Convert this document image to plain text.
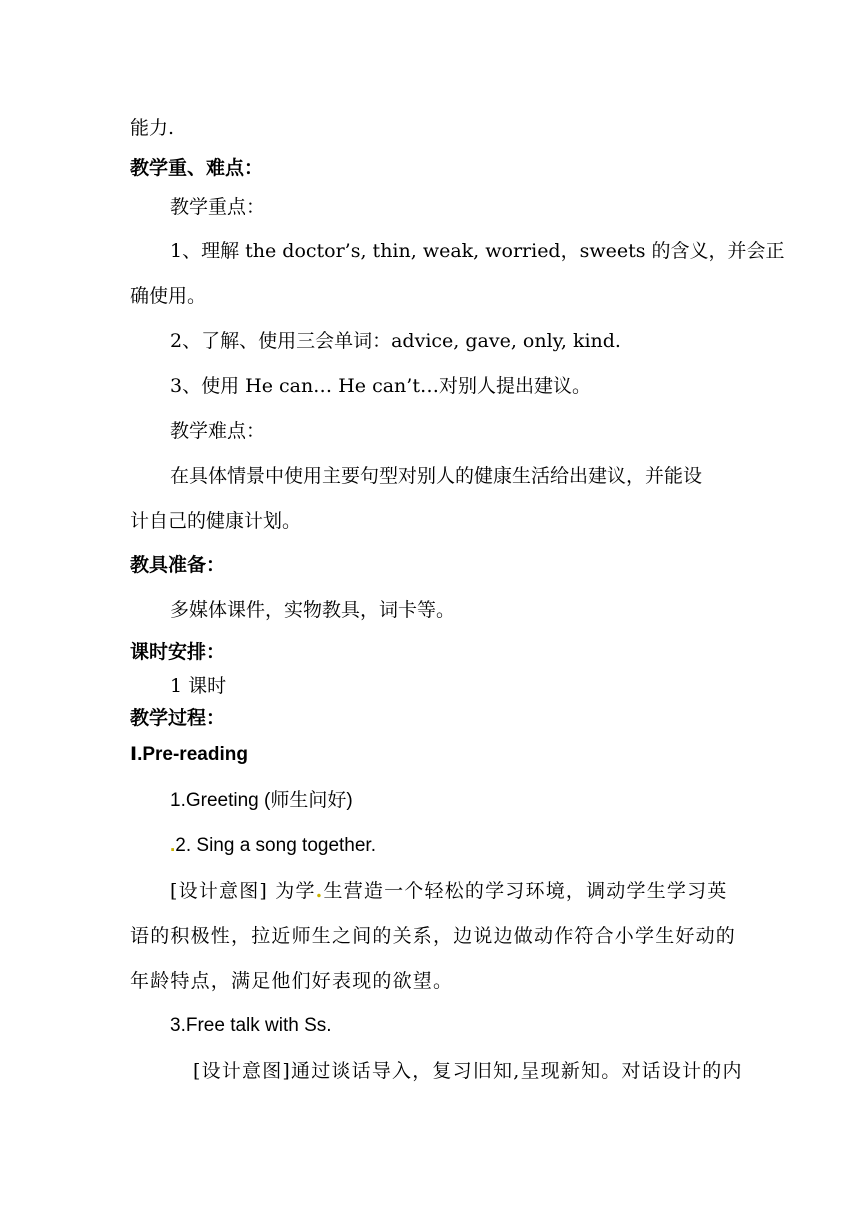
能力.
教学重、难点：
教学重点：
1、理解 the doctor’s, thin, weak, worried，sweets 的含义，并会正
确使用。
2、了解、使用三会单词：advice, gave, only, kind.
3、使用 He can… He can’t…对别人提出建议。
教学难点：
在具体情景中使用主要句型对别人的健康生活给出建议，并能设
计自己的健康计划。
教具准备：
多媒体课件，实物教具，词卡等。
课时安排：
1 课时
教学过程：
Ⅰ.Pre-reading
1.Greeting (师生问好)
.2. Sing a song together.
[设计意图] 为学.生营造一个轻松的学习环境，调动学生学习英
语的积极性，拉近师生之间的关系，边说边做动作符合小学生好动的
年龄特点，满足他们好表现的欲望。
3.Free talk with Ss.
[设计意图]通过谈话导入，复习旧知,呈现新知。对话设计的内
